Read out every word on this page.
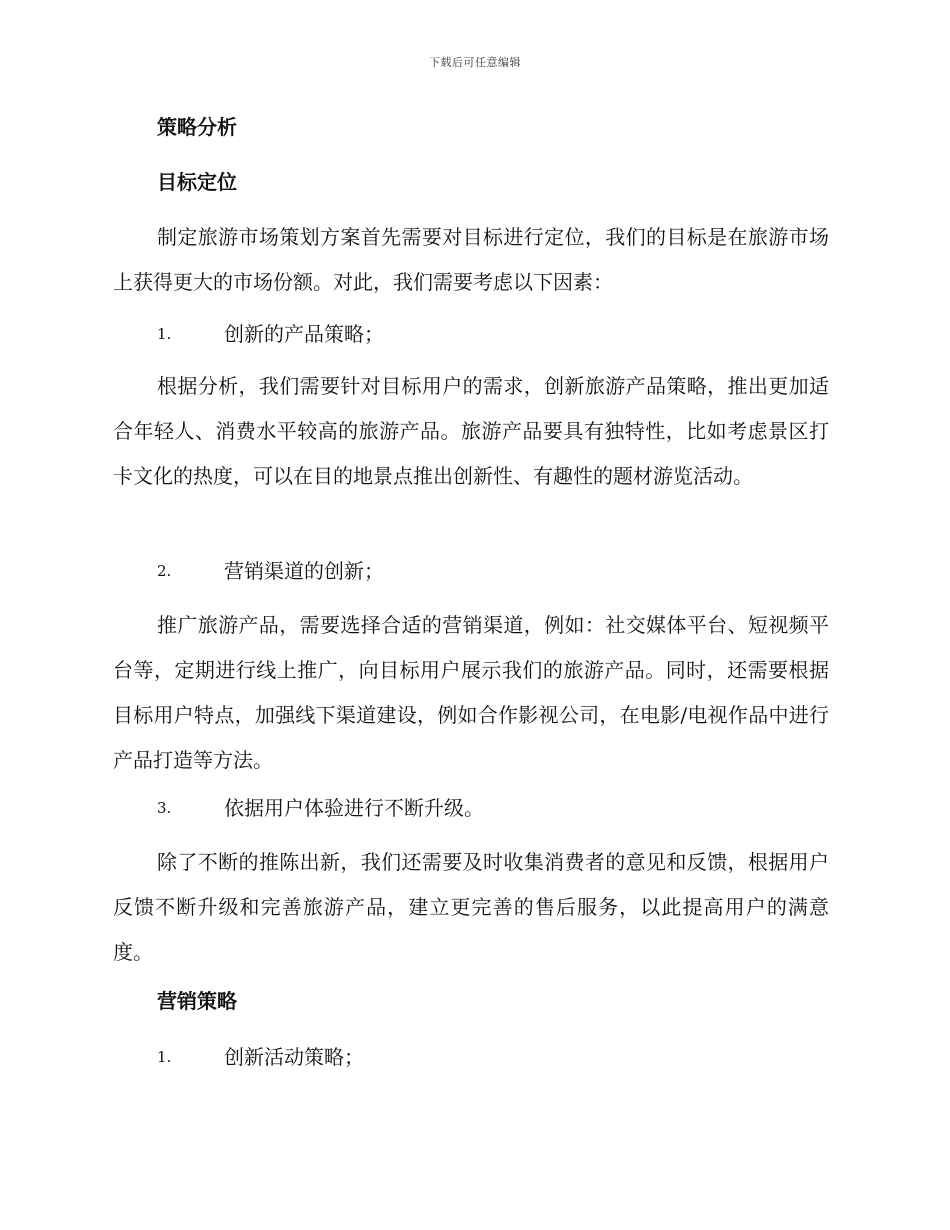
下载后可任意编辑
策略分析
目标定位
制定旅游市场策划方案首先需要对目标进行定位，我们的目标是在旅游市场上获得更大的市场份额。对此，我们需要考虑以下因素：
1.	创新的产品策略；
根据分析，我们需要针对目标用户的需求，创新旅游产品策略，推出更加适合年轻人、消费水平较高的旅游产品。旅游产品要具有独特性，比如考虑景区打卡文化的热度，可以在目的地景点推出创新性、有趣性的题材游览活动。
2.	营销渠道的创新；
推广旅游产品，需要选择合适的营销渠道，例如：社交媒体平台、短视频平台等，定期进行线上推广，向目标用户展示我们的旅游产品。同时，还需要根据目标用户特点，加强线下渠道建设，例如合作影视公司，在电影/电视作品中进行产品打造等方法。
3.	依据用户体验进行不断升级。
除了不断的推陈出新，我们还需要及时收集消费者的意见和反馈，根据用户反馈不断升级和完善旅游产品，建立更完善的售后服务，以此提高用户的满意度。
营销策略
1.	创新活动策略；
